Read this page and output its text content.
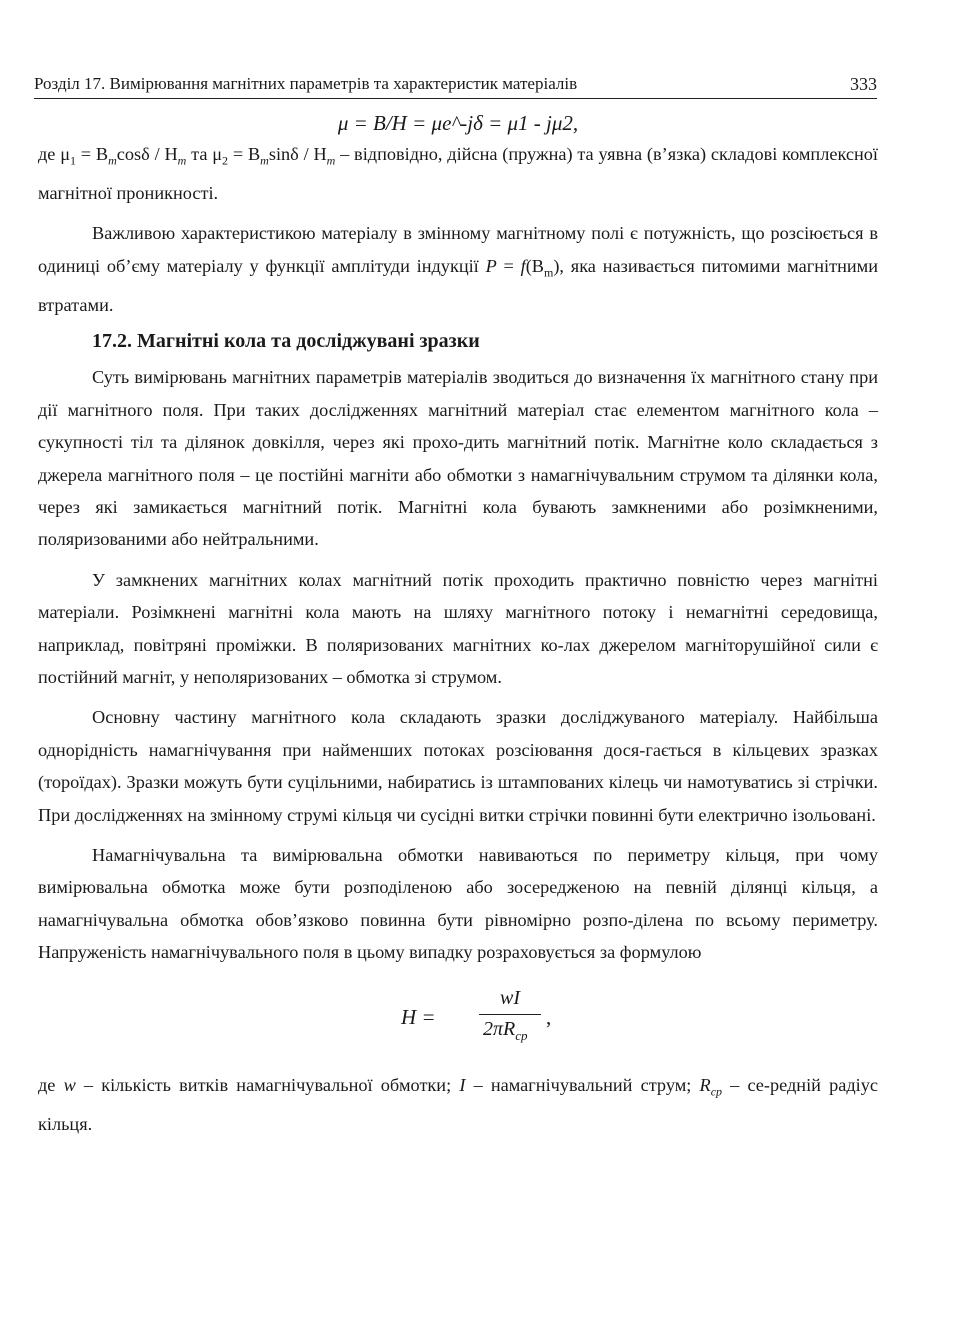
Розділ 17. Вимірювання магнітних параметрів та характеристик матеріалів	333
μ = B/H = μe^-jδ = μ1 - jμ2,

де $\mu_1 = B_m\cos\delta / H_m$ та $\mu_2 = B_m\sin\delta / H_m$ – відповідно, дійсна (пружна) та уявна (в’язка) складові комплексної магнітної проникності.

Важливою характеристикою матеріалу в змінному магнітному полі є потужність, що розсіюється в одиниці об’єму матеріалу у функції амплітуди індукції $P = f(B_m)$, яка називається питомими магнітними втратами.

17.2. Магнітні кола та досліджувані зразки

Суть вимірювань магнітних параметрів матеріалів зводиться до визначення їх магнітного стану при дії магнітного поля. При таких дослідженнях магнітний матеріал стає елементом магнітного кола – сукупності тіл та ділянок довкілля, через які прохо-дить магнітний потік. Магнітне коло складається з джерела магнітного поля – це постійні магніти або обмотки з намагнічувальним струмом та ділянки кола, через які замикається магнітний потік. Магнітні кола бувають замкненими або розімкненими, поляризованими або нейтральними.

У замкнених магнітних колах магнітний потік проходить практично повністю через магнітні матеріали. Розімкнені магнітні кола мають на шляху магнітного потоку і немагнітні середовища, наприклад, повітряні проміжки. В поляризованих магнітних ко-лах джерелом магніторушійної сили є постійний магніт, у неполяризованих – обмотка зі струмом.

Основну частину магнітного кола складають зразки досліджуваного матеріалу. Найбільша однорідність намагнічування при найменших потоках розсіювання дося-гається в кільцевих зразках (тороїдах). Зразки можуть бути суцільними, набиратись із штампованих кілець чи намотуватись зі стрічки. При дослідженнях на змінному струмі кільця чи сусідні витки стрічки повинні бути електрично ізольовані.

Намагнічувальна та вимірювальна обмотки навиваються по периметру кільця, при чому вимірювальна обмотка може бути розподіленою або зосередженою на певній ділянці кільця, а намагнічувальна обмотка обов’язково повинна бути рівномірно розпо-ділена по всьому периметру. Напруженість намагнічувального поля в цьому випадку розраховується за формулою

H =
wI
$2\pi R_{cp}$
,

де w – кількість витків намагнічувальної обмотки; I – намагнічувальний струм; $R_{cp}$ – се-редній радіус кільця.
